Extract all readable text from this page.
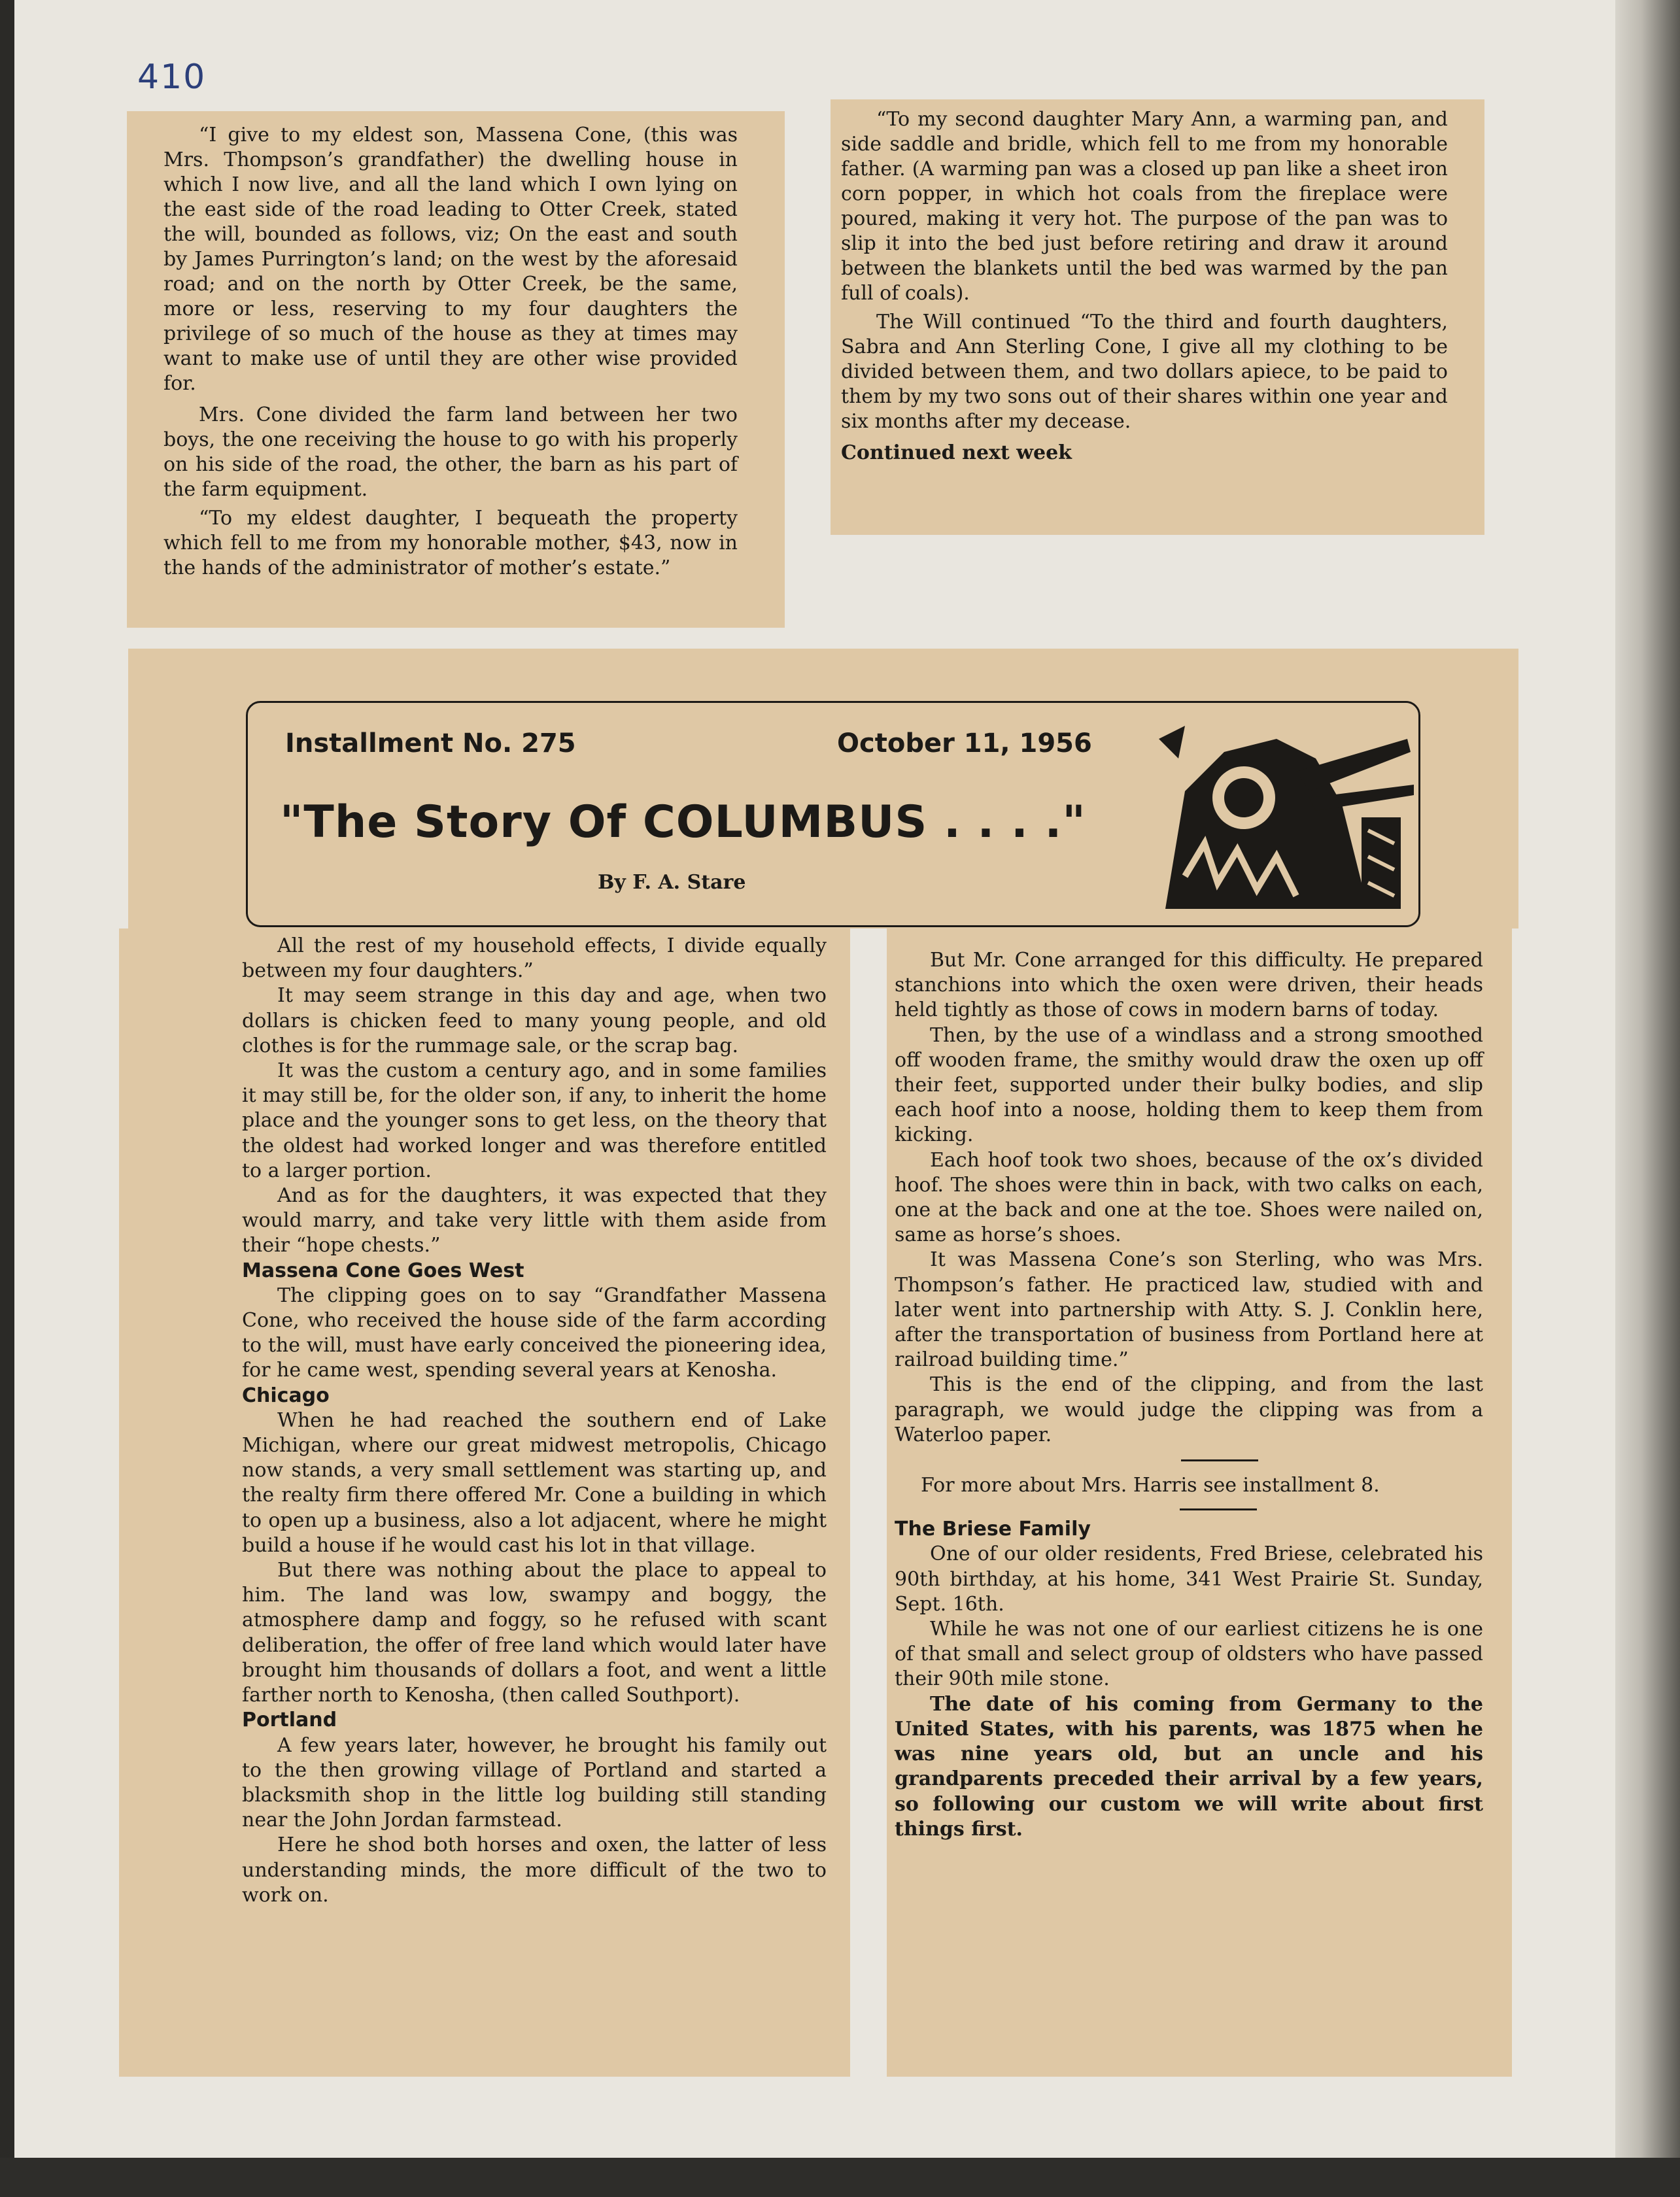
410

“I give to my eldest son, Massena Cone, (this was Mrs. Thompson’s grandfather) the dwelling house in which I now live, and all the land which I own lying on the east side of the road leading to Otter Creek, stated the will, bounded as follows, viz; On the east and south by James Purrington’s land; on the west by the aforesaid road; and on the north by Otter Creek, be the same, more or less, reserving to my four daughters the privilege of so much of the house as they at times may want to make use of until they are other wise provided for.

Mrs. Cone divided the farm land between her two boys, the one receiving the house to go with his properly on his side of the road, the other, the barn as his part of the farm equipment.

“To my eldest daughter, I bequeath the property which fell to me from my honorable mother, $43, now in the hands of the administrator of mother’s estate.”

“To my second daughter Mary Ann, a warming pan, and side saddle and bridle, which fell to me from my honorable father. (A warming pan was a closed up pan like a sheet iron corn popper, in which hot coals from the fireplace were poured, making it very hot. The purpose of the pan was to slip it into the bed just before retiring and draw it around between the blankets until the bed was warmed by the pan full of coals).

The Will continued “To the third and fourth daughters, Sabra and Ann Sterling Cone, I give all my clothing to be divided between them, and two dollars apiece, to be paid to them by my two sons out of their shares within one year and six months after my decease.

Continued next week

Installment No. 275	October 11, 1956
"The Story Of COLUMBUS . . . ."
By F. A. Stare

All the rest of my household effects, I divide equally between my four daughters.”

It may seem strange in this day and age, when two dollars is chicken feed to many young people, and old clothes is for the rummage sale, or the scrap bag.

It was the custom a century ago, and in some families it may still be, for the older son, if any, to inherit the home place and the younger sons to get less, on the theory that the oldest had worked longer and was therefore entitled to a larger portion.

And as for the daughters, it was expected that they would marry, and take very little with them aside from their “hope chests.”

Massena Cone Goes West

The clipping goes on to say “Grandfather Massena Cone, who received the house side of the farm according to the will, must have early conceived the pioneering idea, for he came west, spending several years at Kenosha.

Chicago

When he had reached the southern end of Lake Michigan, where our great midwest metropolis, Chicago now stands, a very small settlement was starting up, and the realty firm there offered Mr. Cone a building in which to open up a business, also a lot adjacent, where he might build a house if he would cast his lot in that village.

But there was nothing about the place to appeal to him. The land was low, swampy and boggy, the atmosphere damp and foggy, so he refused with scant deliberation, the offer of free land which would later have brought him thousands of dollars a foot, and went a little farther north to Kenosha, (then called Southport).

Portland

A few years later, however, he brought his family out to the then growing village of Portland and started a blacksmith shop in the little log building still standing near the John Jordan farmstead.

Here he shod both horses and oxen, the latter of less understanding minds, the more difficult of the two to work on.

But Mr. Cone arranged for this difficulty. He prepared stanchions into which the oxen were driven, their heads held tightly as those of cows in modern barns of today.

Then, by the use of a windlass and a strong smoothed off wooden frame, the smithy would draw the oxen up off their feet, supported under their bulky bodies, and slip each hoof into a noose, holding them to keep them from kicking.

Each hoof took two shoes, because of the ox’s divided hoof. The shoes were thin in back, with two calks on each, one at the back and one at the toe. Shoes were nailed on, same as horse’s shoes.

It was Massena Cone’s son Sterling, who was Mrs. Thompson’s father. He practiced law, studied with and later went into partnership with Atty. S. J. Conklin here, after the transportation of business from Portland here at railroad building time.”

This is the end of the clipping, and from the last paragraph, we would judge the clipping was from a Waterloo paper.

For more about Mrs. Harris see installment 8.

The Briese Family

One of our older residents, Fred Briese, celebrated his 90th birthday, at his home, 341 West Prairie St. Sunday, Sept. 16th.

While he was not one of our earliest citizens he is one of that small and select group of oldsters who have passed their 90th mile stone.

The date of his coming from Germany to the United States, with his parents, was 1875 when he was nine years old, but an uncle and his grandparents preceded their arrival by a few years, so following our custom we will write about first things first.
